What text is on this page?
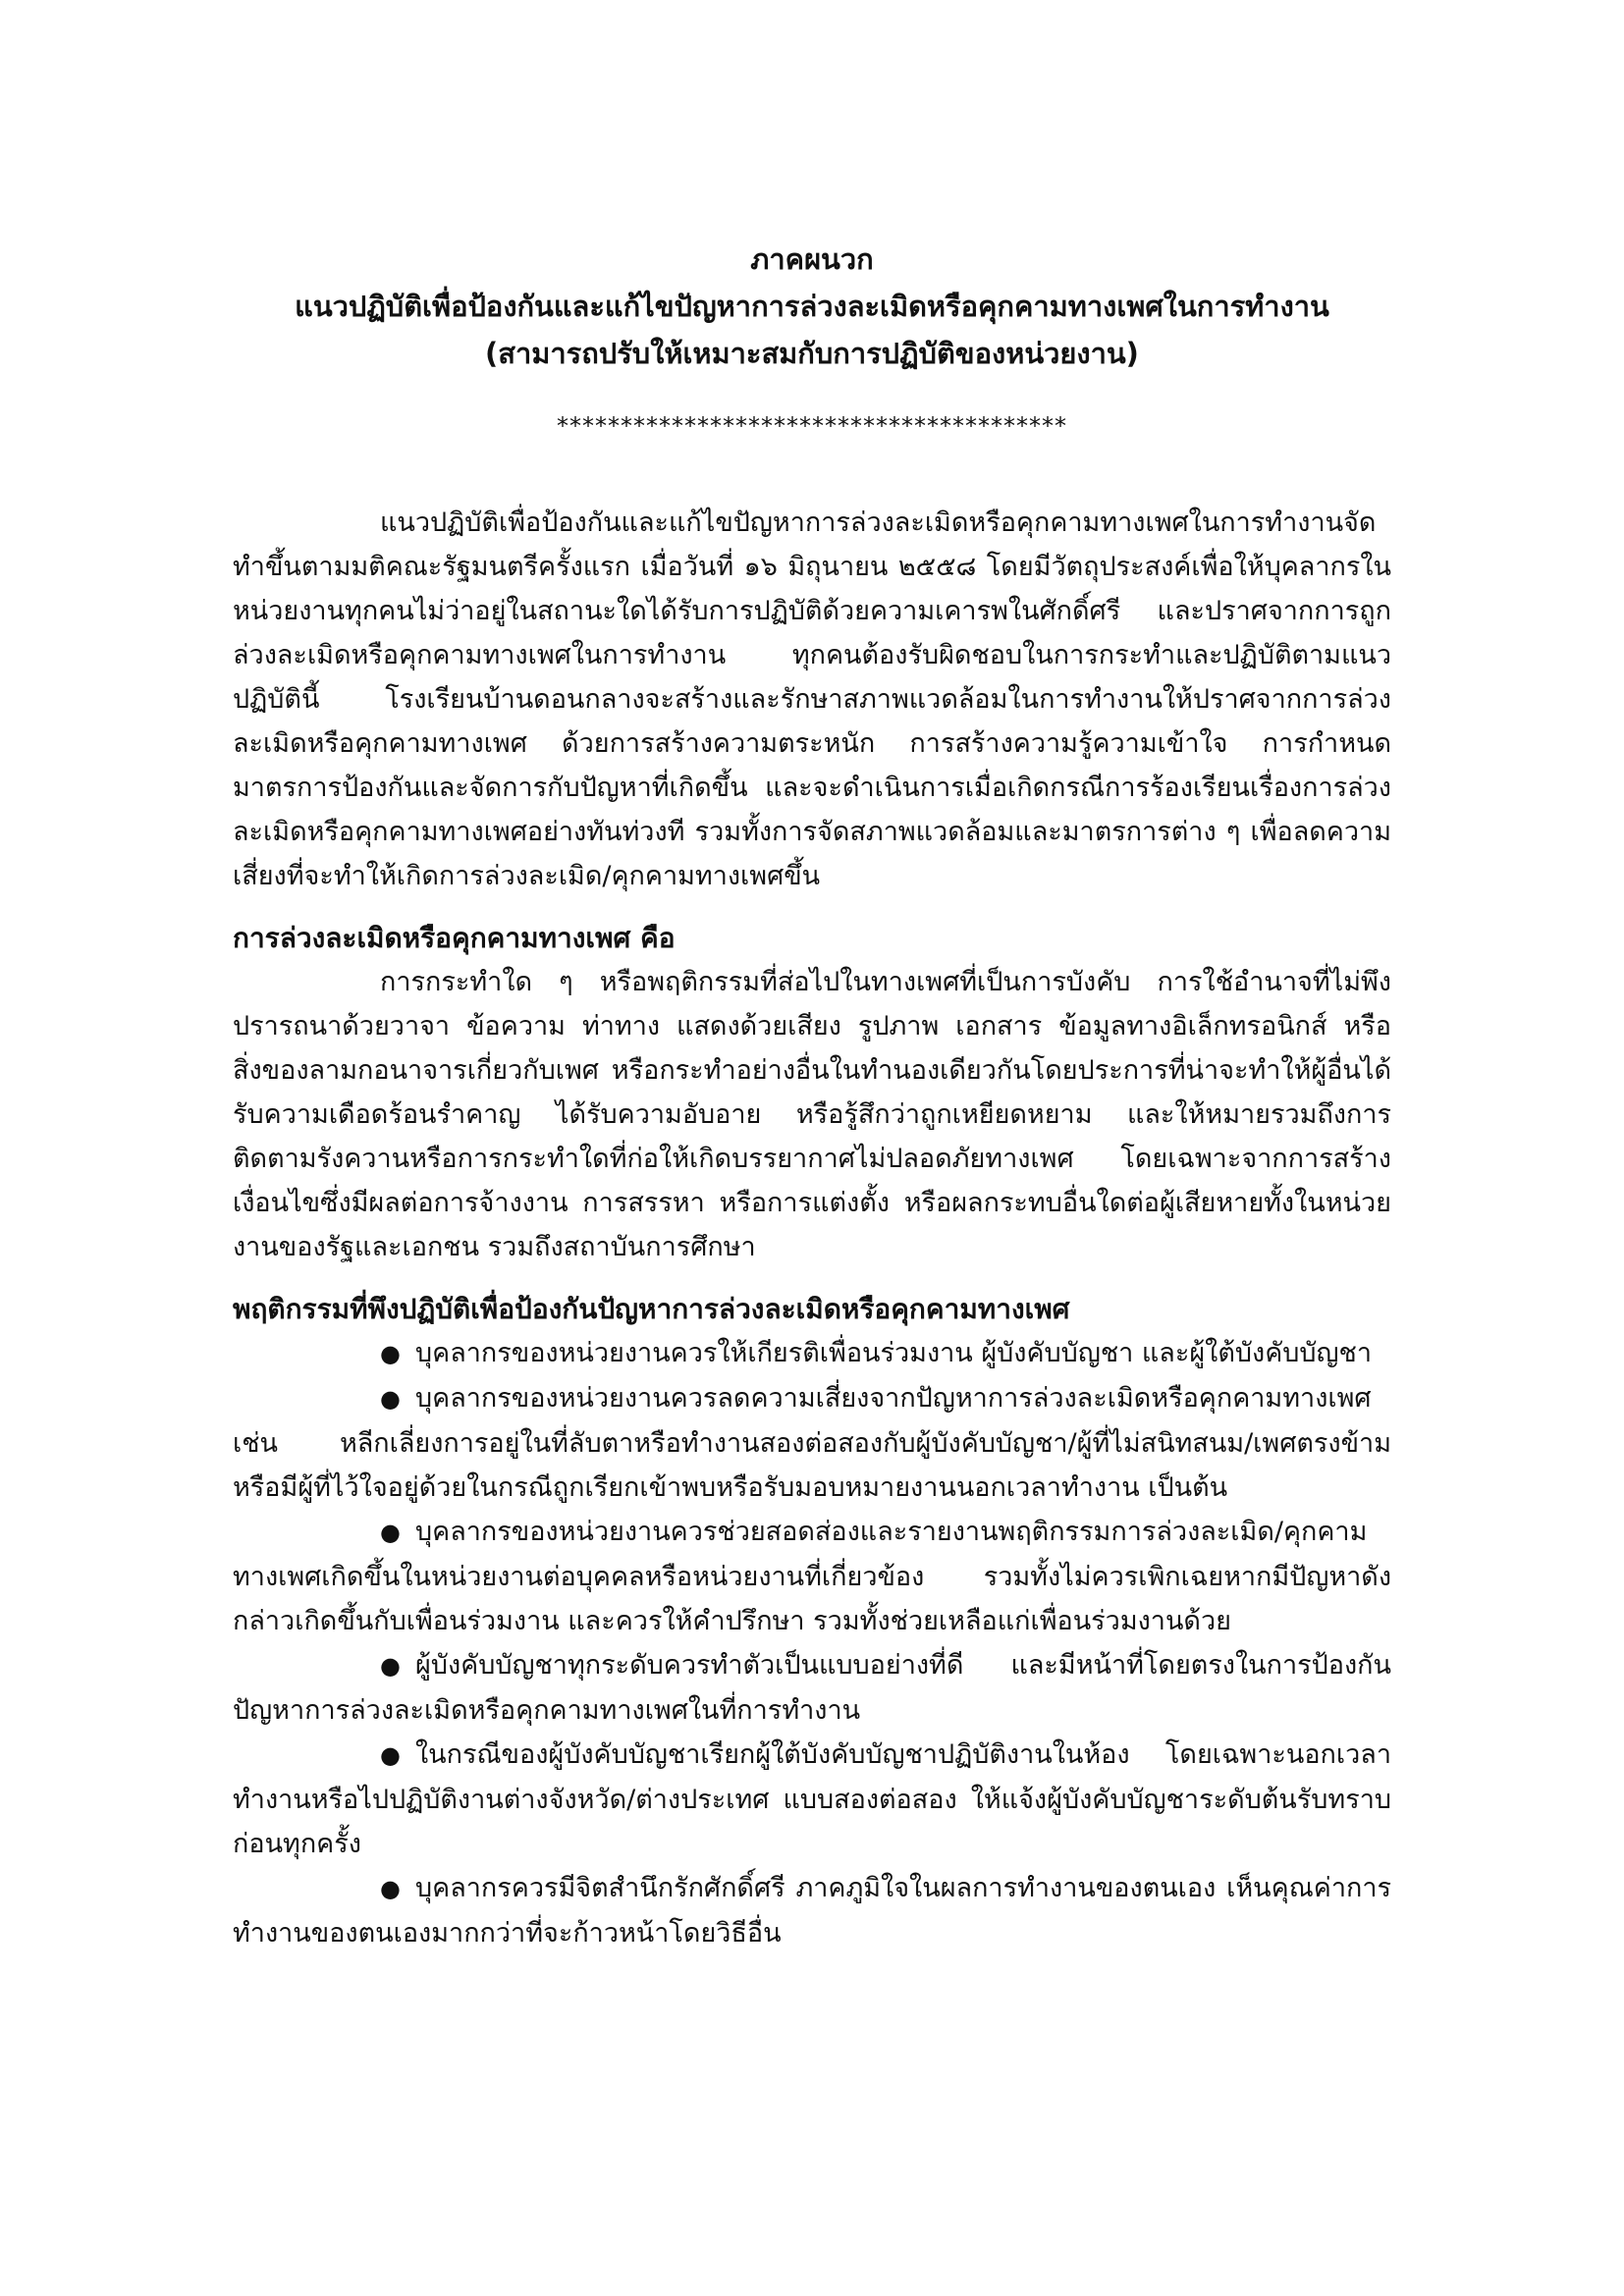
ภาคผนวก

แนวปฏิบัติเพื่อป้องกันและแก้ไขปัญหาการล่วงละเมิดหรือคุกคามทางเพศในการทำงาน

(สามารถปรับให้เหมาะสมกับการปฏิบัติของหน่วยงาน)

****************************************

แนวปฏิบัติเพื่อป้องกันและแก้ไขปัญหาการล่วงละเมิดหรือคุกคามทางเพศในการทำงานจัดทำขึ้นตามมติคณะรัฐมนตรีครั้งแรก เมื่อวันที่ ๑๖ มิถุนายน ๒๕๕๘ โดยมีวัตถุประสงค์เพื่อให้บุคลากรในหน่วยงานทุกคนไม่ว่าอยู่ในสถานะใดได้รับการปฏิบัติด้วยความเคารพในศักดิ์ศรี และปราศจากการถูกล่วงละเมิดหรือคุกคามทางเพศในการทำงาน ทุกคนต้องรับผิดชอบในการกระทำและปฏิบัติตามแนวปฏิบัตินี้ โรงเรียนบ้านดอนกลางจะสร้างและรักษาสภาพแวดล้อมในการทำงานให้ปราศจากการล่วงละเมิดหรือคุกคามทางเพศ ด้วยการสร้างความตระหนัก การสร้างความรู้ความเข้าใจ การกำหนดมาตรการป้องกันและจัดการกับปัญหาที่เกิดขึ้น และจะดำเนินการเมื่อเกิดกรณีการร้องเรียนเรื่องการล่วงละเมิดหรือคุกคามทางเพศอย่างทันท่วงที รวมทั้งการจัดสภาพแวดล้อมและมาตรการต่าง ๆ เพื่อลดความเสี่ยงที่จะทำให้เกิดการล่วงละเมิด/คุกคามทางเพศขึ้น

การล่วงละเมิดหรือคุกคามทางเพศ คือ

การกระทำใด ๆ หรือพฤติกรรมที่ส่อไปในทางเพศที่เป็นการบังคับ การใช้อำนาจที่ไม่พึงปรารถนาด้วยวาจา ข้อความ ท่าทาง แสดงด้วยเสียง รูปภาพ เอกสาร ข้อมูลทางอิเล็กทรอนิกส์ หรือสิ่งของลามกอนาจารเกี่ยวกับเพศ หรือกระทำอย่างอื่นในทำนองเดียวกันโดยประการที่น่าจะทำให้ผู้อื่นได้รับความเดือดร้อนรำคาญ ได้รับความอับอาย หรือรู้สึกว่าถูกเหยียดหยาม และให้หมายรวมถึงการติดตามรังควานหรือการกระทำใดที่ก่อให้เกิดบรรยากาศไม่ปลอดภัยทางเพศ โดยเฉพาะจากการสร้างเงื่อนไขซึ่งมีผลต่อการจ้างงาน การสรรหา หรือการแต่งตั้ง หรือผลกระทบอื่นใดต่อผู้เสียหายทั้งในหน่วยงานของรัฐและเอกชน รวมถึงสถาบันการศึกษา

พฤติกรรมที่พึงปฏิบัติเพื่อป้องกันปัญหาการล่วงละเมิดหรือคุกคามทางเพศ

● บุคลากรของหน่วยงานควรให้เกียรติเพื่อนร่วมงาน ผู้บังคับบัญชา และผู้ใต้บังคับบัญชา

● บุคลากรของหน่วยงานควรลดความเสี่ยงจากปัญหาการล่วงละเมิดหรือคุกคามทางเพศ เช่น หลีกเลี่ยงการอยู่ในที่ลับตาหรือทำงานสองต่อสองกับผู้บังคับบัญชา/ผู้ที่ไม่สนิทสนม/เพศตรงข้าม หรือมีผู้ที่ไว้ใจอยู่ด้วยในกรณีถูกเรียกเข้าพบหรือรับมอบหมายงานนอกเวลาทำงาน เป็นต้น

● บุคลากรของหน่วยงานควรช่วยสอดส่องและรายงานพฤติกรรมการล่วงละเมิด/คุกคามทางเพศเกิดขึ้นในหน่วยงานต่อบุคคลหรือหน่วยงานที่เกี่ยวข้อง รวมทั้งไม่ควรเพิกเฉยหากมีปัญหาดังกล่าวเกิดขึ้นกับเพื่อนร่วมงาน และควรให้คำปรึกษา รวมทั้งช่วยเหลือแก่เพื่อนร่วมงานด้วย

● ผู้บังคับบัญชาทุกระดับควรทำตัวเป็นแบบอย่างที่ดี และมีหน้าที่โดยตรงในการป้องกันปัญหาการล่วงละเมิดหรือคุกคามทางเพศในที่การทำงาน

● ในกรณีของผู้บังคับบัญชาเรียกผู้ใต้บังคับบัญชาปฏิบัติงานในห้อง โดยเฉพาะนอกเวลาทำงานหรือไปปฏิบัติงานต่างจังหวัด/ต่างประเทศ แบบสองต่อสอง ให้แจ้งผู้บังคับบัญชาระดับต้นรับทราบก่อนทุกครั้ง

● บุคลากรควรมีจิตสำนึกรักศักดิ์ศรี ภาคภูมิใจในผลการทำงานของตนเอง เห็นคุณค่าการทำงานของตนเองมากกว่าที่จะก้าวหน้าโดยวิธีอื่น
